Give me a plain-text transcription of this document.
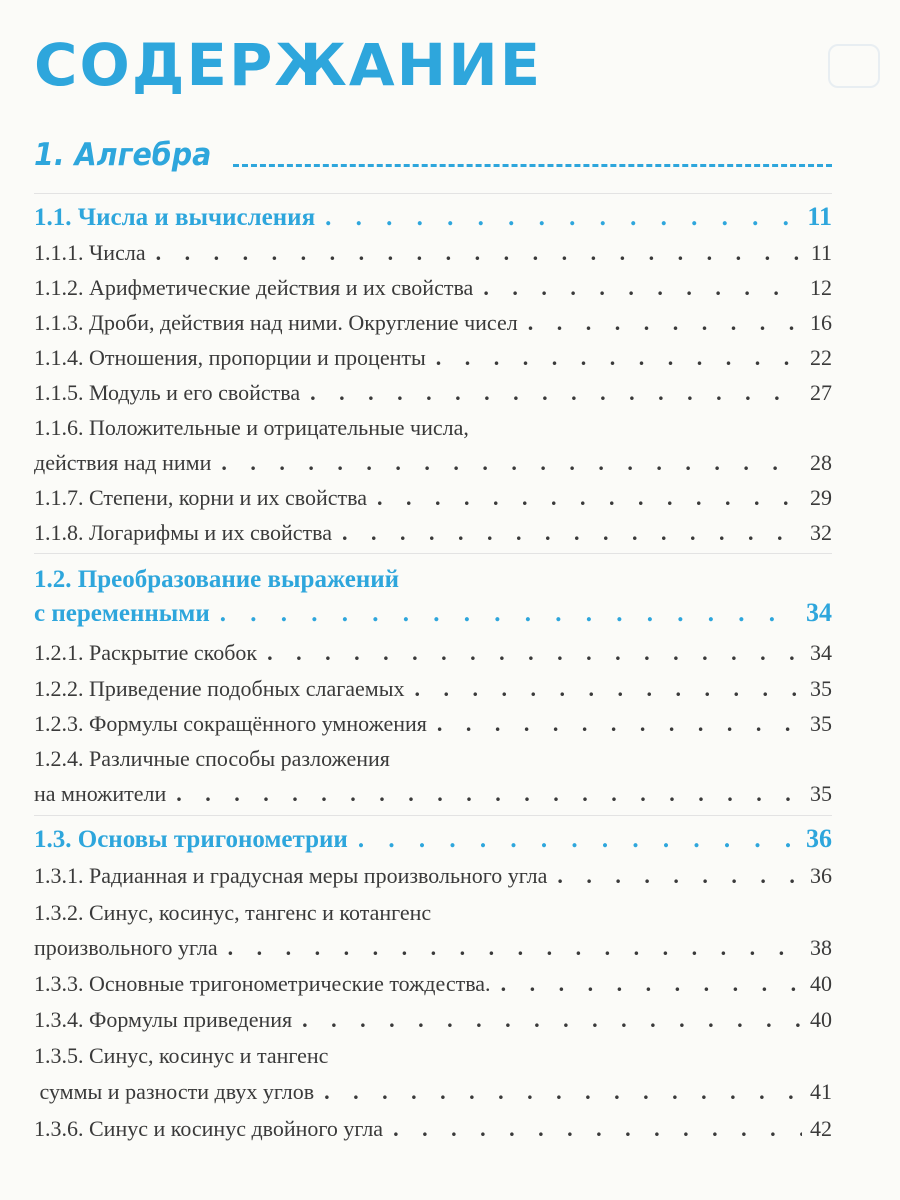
СОДЕРЖАНИЕ
1. Алгебра
1.1. Числа и вычисления . . .	11
1.1.1. Числа . . .	11
1.1.2. Арифметические действия и их свойства . . .	12
1.1.3. Дроби, действия над ними. Округление чисел . . .	16
1.1.4. Отношения, пропорции и проценты . . .	22
1.1.5. Модуль и его свойства . . .	27
1.1.6. Положительные и отрицательные числа,
действия над ними . . .	28
1.1.7. Степени, корни и их свойства . . .	29
1.1.8. Логарифмы и их свойства . . .	32
1.2. Преобразование выражений
с переменными . . .	34
1.2.1. Раскрытие скобок . . .	34
1.2.2. Приведение подобных слагаемых . . .	35
1.2.3. Формулы сокращённого умножения . . .	35
1.2.4. Различные способы разложения
на множители . . .	35
1.3. Основы тригонометрии . . .	36
1.3.1. Радианная и градусная меры произвольного угла . . .	36
1.3.2. Синус, косинус, тангенс и котангенс
произвольного угла . . .	38
1.3.3. Основные тригонометрические тождества. . . .	40
1.3.4. Формулы приведения . . .	40
1.3.5. Синус, косинус и тангенс
суммы и разности двух углов . . .	41
1.3.6. Синус и косинус двойного угла . . .	42
